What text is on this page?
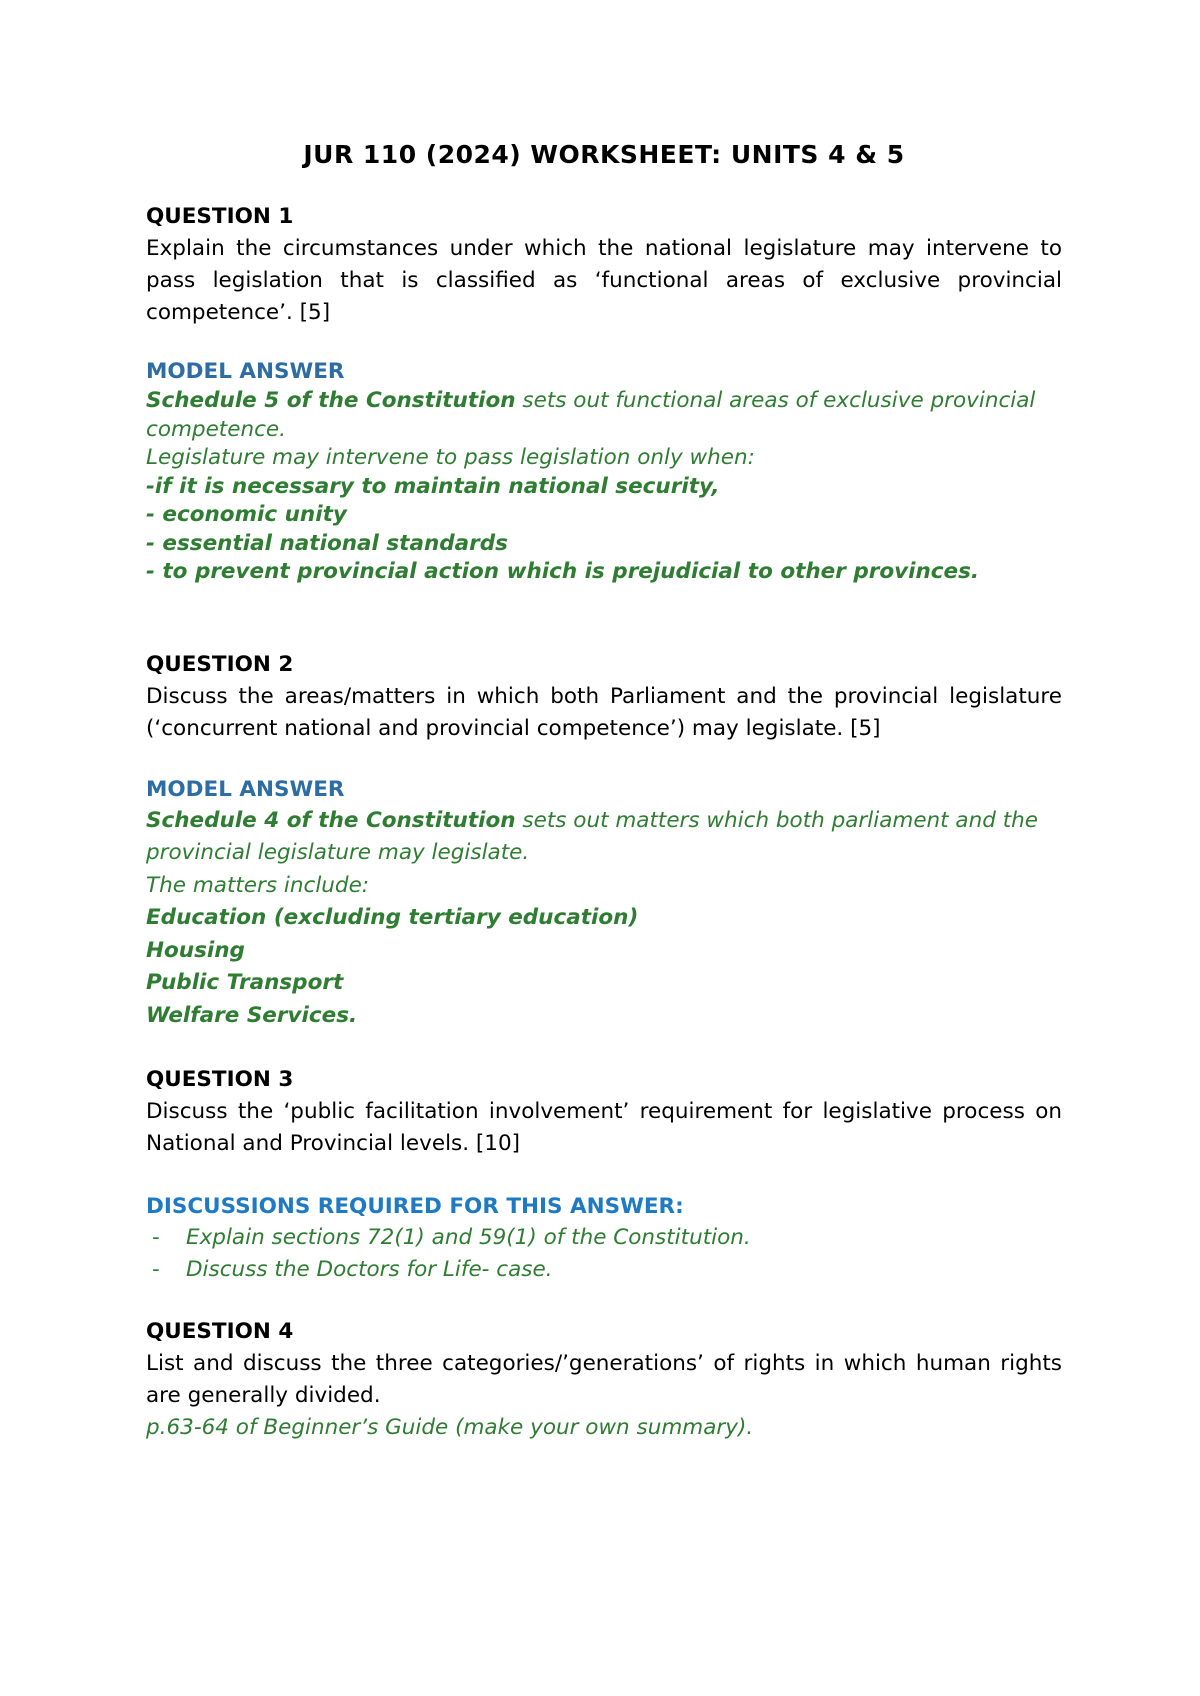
JUR 110 (2024) WORKSHEET: UNITS 4 & 5

QUESTION 1

Explain the circumstances under which the national legislature may intervene to pass legislation that is classified as ‘functional areas of exclusive provincial competence’. [5]

MODEL ANSWER

Schedule 5 of the Constitution sets out functional areas of exclusive provincial competence.

Legislature may intervene to pass legislation only when:

-if it is necessary to maintain national security,

- economic unity

- essential national standards

- to prevent provincial action which is prejudicial to other provinces.

QUESTION 2

Discuss the areas/matters in which both Parliament and the provincial legislature (‘concurrent national and provincial competence’) may legislate. [5]

MODEL ANSWER

Schedule 4 of the Constitution sets out matters which both parliament and the provincial legislature may legislate.

The matters include:

Education (excluding tertiary education)

Housing

Public Transport

Welfare Services.

QUESTION 3

Discuss the ‘public facilitation involvement’ requirement for legislative process on National and Provincial levels. [10]

DISCUSSIONS REQUIRED FOR THIS ANSWER:

- Explain sections 72(1) and 59(1) of the Constitution.
- Discuss the Doctors for Life- case.

QUESTION 4

List and discuss the three categories/’generations’ of rights in which human rights are generally divided.

p.63-64 of Beginner’s Guide (make your own summary).
